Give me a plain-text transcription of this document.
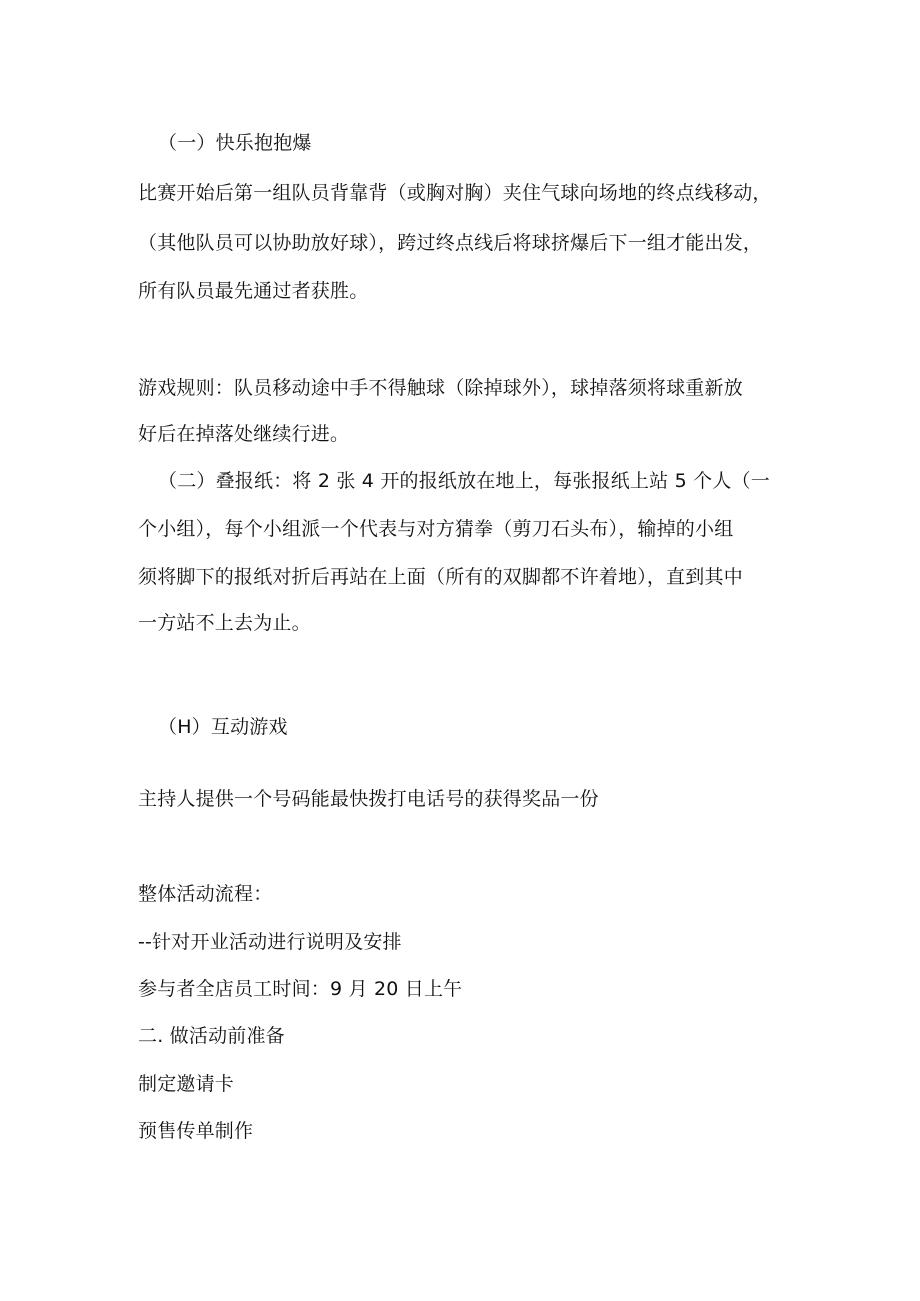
（一）快乐抱抱爆
比赛开始后第一组队员背靠背（或胸对胸）夹住气球向场地的终点线移动，
（其他队员可以协助放好球），跨过终点线后将球挤爆后下一组才能出发，
所有队员最先通过者获胜。
游戏规则：队员移动途中手不得触球（除掉球外），球掉落须将球重新放
好后在掉落处继续行进。
（二）叠报纸：将 2 张 4 开的报纸放在地上，每张报纸上站 5 个人（一
个小组），每个小组派一个代表与对方猜拳（剪刀石头布），输掉的小组
须将脚下的报纸对折后再站在上面（所有的双脚都不许着地），直到其中
一方站不上去为止。
（H）互动游戏
主持人提供一个号码能最快拨打电话号的获得奖品一份
整体活动流程：
--针对开业活动进行说明及安排
参与者全店员工时间：9 月 20 日上午
二. 做活动前准备
制定邀请卡
预售传单制作
